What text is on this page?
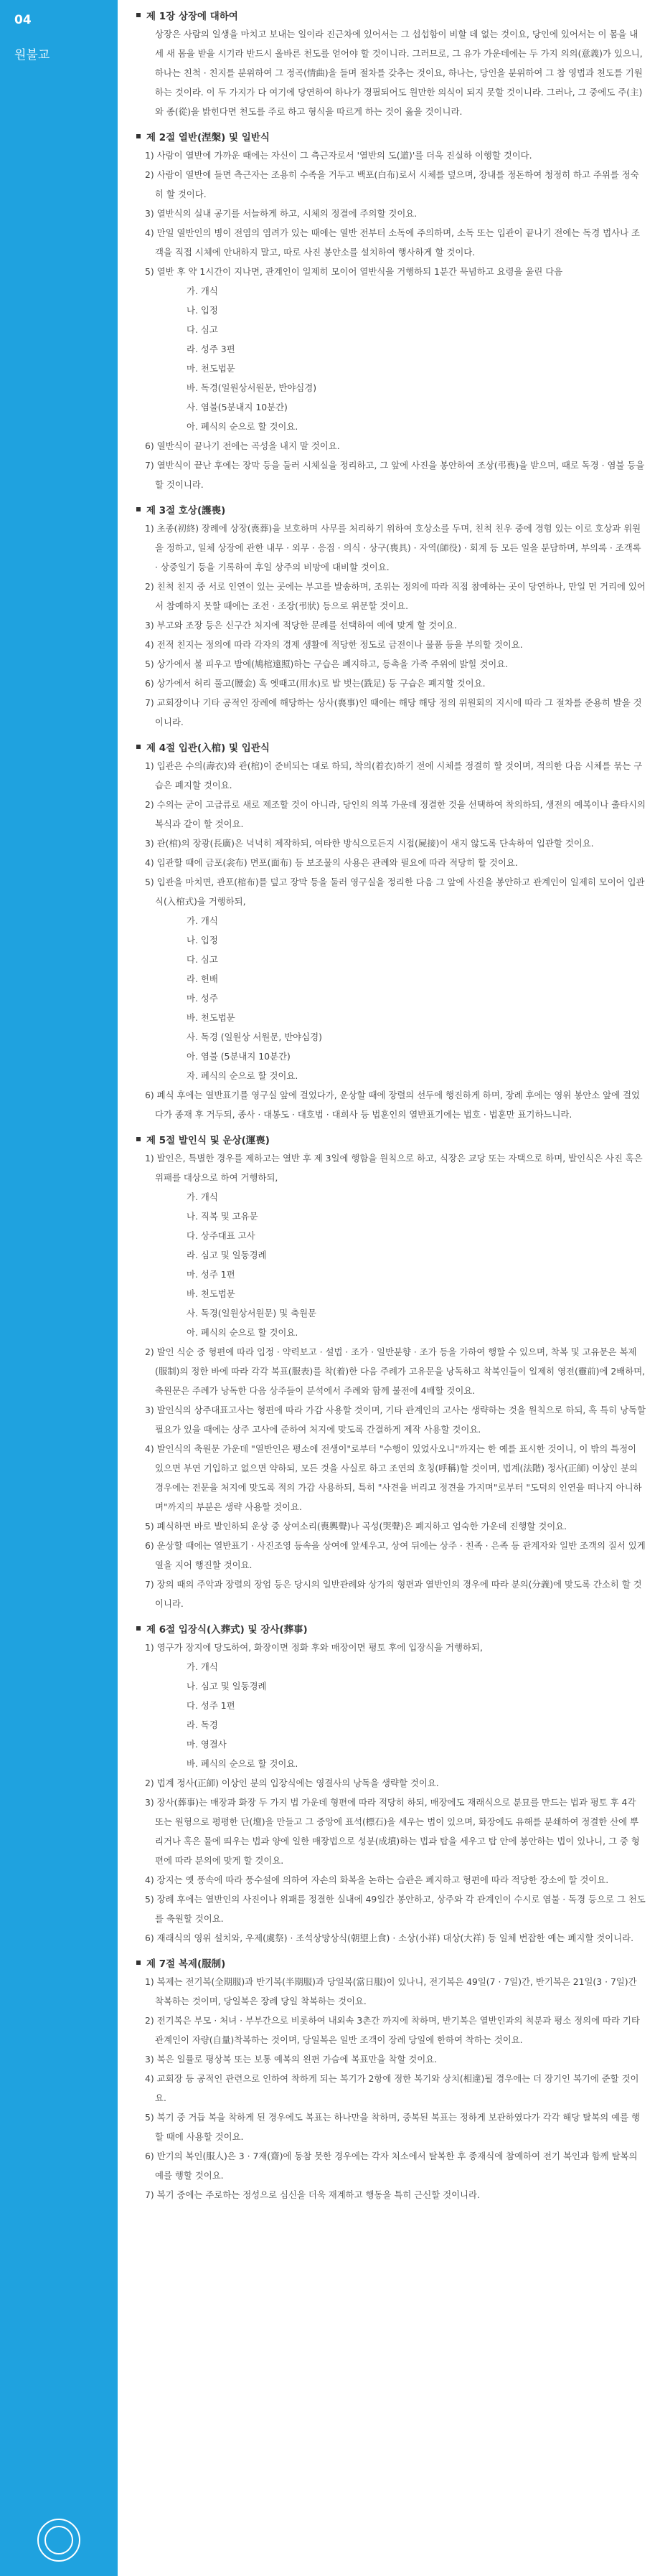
04
원불교
제 1장 상장에 대하여
상장은 사람의 일생을 마치고 보내는 일이라 진근차에 있어서는 그 섭섭함이 비할 데 없는 것이요, 당인에 있어서는 이 몸을 내세 새 몸을 받을 시기라 반드시 올바른 천도를 얻어야 할 것이니라. 그러므로, 그 유가 가운데에는 두 가지 의의(意義)가 있으니, 하나는 친척 · 친지를 분위하여 그 정곡(情曲)을 들며 절차를 갖추는 것이요, 하나는, 당인을 분위하여 그 참 영법과 천도를 기원하는 것이라. 이 두 가지가 다 여기에 당연하여 하나가 경필되어도 원만한 의식이 되지 못할 것이니라. 그러나, 그 중에도 주(主)와 종(從)을 밝힌다면 천도를 주로 하고 형식을 따르게 하는 것이 옳을 것이니라.
제 2절 열반(涅槃) 및 일반식
1) 사람이 열반에 가까운 때에는 자신이 그 측근자로서 '열반의 도(道)'를 더욱 진실하 이행할 것이다.
2) 사람이 열반에 들면 측근자는 조용히 수족을 거두고 백포(白布)로서 시체를 덮으며, 장내를 정돈하여 청정히 하고 주위를 정숙히 할 것이다.
3) 열반식의 실내 공기를 서늘하게 하고, 시체의 정결에 주의할 것이요.
4) 만일 열반인의 병이 전염의 염려가 있는 때에는 열반 전부터 소독에 주의하며, 소독 또는 입관이 끝나기 전에는 독경 법사나 조객을 직접 시체에 안내하지 말고, 따로 사진 봉안소를 설치하여 행사하게 할 것이다.
5) 열반 후 약 1시간이 지나면, 관계인이 일제히 모이어 열반식을 거행하되 1분간 묵념하고 요령을 울린 다음
가. 개식
나. 입정
다. 심고
라. 성주 3편
마. 천도법문
바. 독경(일원상서원문, 반야심경)
사. 염불(5분내지 10분간)
아. 폐식의 순으로 할 것이요.
6) 열반식이 끝나기 전에는 곡성을 내지 말 것이요.
7) 열반식이 끝난 후에는 장막 등을 둘러 시체실을 정리하고, 그 앞에 사진을 봉안하여 조상(弔喪)을 받으며, 때로 독경 · 염불 등을 할 것이니라.
제 3절 호상(護喪)
1) 초종(初終) 장례에 상장(喪葬)을 보호하며 사무를 처리하기 위하여 호상소를 두며, 친척 친우 중에 경험 있는 이로 호상과 위원을 정하고, 일체 상장에 관한 내무 · 외무 · 응접 · 의식 · 상구(喪具) · 자역(師役) · 회계 등 모든 일을 분담하며, 부의록 · 조객록 · 상중일기 등을 기록하여 후일 상주의 비망에 대비할 것이요.
2) 친척 친지 중 서로 인연이 있는 곳에는 부고를 발송하며, 조위는 정의에 따라 직접 참예하는 곳이 당연하나, 만일 먼 거리에 있어서 참예하지 못할 때에는 조전 · 조장(弔狀) 등으로 위문할 것이요.
3) 부고와 조장 등은 신구간 처지에 적당한 문례를 선택하여 예에 맞게 할 것이요.
4) 전적 친지는 정의에 따라 각자의 경제 생활에 적당한 정도로 금전이나 물품 등을 부의할 것이요.
5) 상가에서 불 피우고 밤에(鳩棺遠照)하는 구습은 폐지하고, 등촉을 가족 주위에 밝힐 것이요.
6) 상가에서 허리 풀고(腰金) 혹 옛때고(用水)로 발 벗는(跣足) 등 구습은 폐지할 것이요.
7) 교회장이나 기타 공적인 장례에 해당하는 상사(喪事)인 때에는 해당 해당 정의 위원회의 지시에 따라 그 절차를 준용히 발을 것이니라.
제 4절 입관(入棺) 및 입관식
1) 입관은 수의(壽衣)와 관(棺)이 준비되는 대로 하되, 착의(着衣)하기 전에 시체를 정결히 할 것이며, 적의한 다음 시체를 묶는 구습은 폐지할 것이요.
2) 수의는 굳이 고급류로 새로 제조할 것이 아니라, 당인의 의복 가운데 정결한 것을 선택하여 착의하되, 생전의 예복이나 출타시의 복식과 같이 할 것이요.
3) 관(棺)의 장광(長廣)은 넉넉히 제작하되, 여타한 방식으로든지 시접(屍接)이 새지 않도록 단속하여 입관할 것이요.
4) 입관할 때에 금포(衾布) 면포(面布) 등 보조물의 사용은 관례와 필요에 따라 적당히 할 것이요.
5) 입관을 마치면, 관포(棺布)를 덮고 장막 등을 둘러 영구실을 정리한 다음 그 앞에 사진을 봉안하고 관계인이 일제히 모이어 입관식(入棺式)을 거행하되,
가. 개식
나. 입정
다. 심고
라. 헌배
마. 성주
바. 천도법문
사. 독경 (일원상 서원문, 반야심경)
아. 염불 (5분내지 10분간)
자. 폐식의 순으로 할 것이요.
6) 폐식 후에는 열반표기를 영구실 앞에 걸었다가, 운상할 때에 장렬의 선두에 행진하게 하며, 장례 후에는 영위 봉안소 앞에 걸었다가 종재 후 거두되, 종사 · 대봉도 · 대호법 · 대희사 등 법훈인의 열반표기에는 법호 · 법훈만 표기하느니라.
제 5절 발인식 및 운상(運喪)
1) 발인은, 특별한 경우를 제하고는 열반 후 제 3일에 행함을 원칙으로 하고, 식장은 교당 또는 자택으로 하며, 발인식은 사진 혹은 위패를 대상으로 하여 거행하되,
가. 개식
나. 직복 및 고유문
다. 상주대표 고사
라. 심고 및 일동경례
마. 성주 1편
바. 천도법문
사. 독경(일원상서원문) 및 축원문
아. 폐식의 순으로 할 것이요.
2) 발인 식순 중 형편에 따라 입정 · 약력보고 · 설법 · 조가 · 일반분향 · 조가 등을 가하여 행할 수 있으며, 착복 및 고유문은 복제(服制)의 정한 바에 따라 각각 복표(服表)를 착(着)한 다음 주례가 고유문을 낭독하고 착복인들이 일제히 영전(靈前)에 2배하며, 축원문은 주례가 낭독한 다음 상주들이 분석에서 주례와 함께 불전에 4배할 것이요.
3) 발인식의 상주대표고사는 형편에 따라 가감 사용할 것이며, 기타 관계인의 고사는 생략하는 것을 원칙으로 하되, 혹 특히 낭독할 필요가 있을 때에는 상주 고사에 준하여 처지에 맞도록 간결하게 제작 사용할 것이요.
4) 발인식의 축원문 가운데 "열반인은 평소에 전생이"로부터 "수행이 있었사오니"까지는 한 예를 표시한 것이니, 이 밖의 특정이 있으면 부연 기입하고 없으면 약하되, 모든 것을 사실로 하고 조연의 호칭(呼稱)할 것이며, 법계(法階) 정사(正師) 이상인 분의 경우에는 전문을 처지에 맞도록 적의 가감 사용하되, 특히 "사견을 버리고 정견을 가지며"로부터 "도덕의 인연을 떠나지 아니하며"까지의 부분은 생략 사용할 것이요.
5) 폐식하면 바로 발인하되 운상 중 상여소리(喪輿聲)나 곡성(哭聲)은 폐지하고 엄숙한 가운데 진행할 것이요.
6) 운상할 때에는 열반표기 · 사진조영 등속을 상여에 앞세우고, 상여 뒤에는 상주 · 친족 · 은족 등 관계자와 일반 조객의 질서 있게 열을 지어 행진할 것이요.
7) 장의 때의 주악과 장렬의 장엄 등은 당시의 일반관례와 상가의 형편과 열반인의 경우에 따라 분의(分義)에 맞도록 간소히 할 것이니라.
제 6절 입장식(入葬式) 및 장사(葬事)
1) 영구가 장지에 당도하여, 화장이면 정화 후와 매장이면 평토 후에 입장식을 거행하되,
가. 개식
나. 심고 및 일동경례
다. 성주 1편
라. 독경
마. 영결사
바. 폐식의 순으로 할 것이요.
2) 법계 정사(正師) 이상인 분의 입장식에는 영결사의 낭독을 생략할 것이요.
3) 장사(葬事)는 매장과 화장 두 가지 법 가운데 형편에 따라 적당히 하되, 매장에도 재래식으로 분묘를 만드는 법과 평토 후 4각 또는 원형으로 평평한 단(壇)을 만들고 그 중앙에 표석(標石)을 세우는 법이 있으며, 화장에도 유해를 분쇄하여 정결한 산에 뿌리거나 혹은 물에 띄우는 법과 양에 일한 매장법으로 성분(成墳)하는 법과 탑을 세우고 탑 안에 봉안하는 법이 있나니, 그 중 형편에 따라 분의에 맞게 할 것이요.
4) 장지는 옛 풍속에 따라 풍수설에 의하여 자손의 화복을 논하는 습관은 폐지하고 형편에 따라 적당한 장소에 할 것이요.
5) 장례 후에는 열반인의 사진이나 위패를 정결한 실내에 49일간 봉안하고, 상주와 각 관계인이 수시로 염불 · 독경 등으로 그 천도를 축원할 것이요.
6) 재래식의 영위 설치와, 우제(虞祭) · 조석상망상식(朝望上食) · 소상(小祥) 대상(大祥) 등 일체 번잡한 예는 폐지할 것이니라.
제 7절 복제(服制)
1) 복제는 전기복(全期服)과 반기복(半期服)과 당일복(當日服)이 있나니, 전기복은 49일(7 · 7일)간, 반기복은 21일(3 · 7일)간 착복하는 것이며, 당일복은 장례 당일 착복하는 것이요.
2) 전기복은 부모 · 처녀 · 부부간으로 비롯하여 내외속 3촌간 까지에 착하며, 반기복은 열반인과의 척분과 평소 정의에 따라 기타 관계인이 자량(自量)착복하는 것이며, 당일복은 일반 조객이 장례 당일에 한하여 착하는 것이요.
3) 복은 일률로 평상복 또는 보통 예복의 왼편 가슴에 복표만을 착할 것이요.
4) 교회장 등 공적인 관련으로 인하여 착하게 되는 복기가 2항에 정한 복기와 상치(相違)될 경우에는 더 장기인 복기에 준할 것이요.
5) 복기 중 거듭 복을 착하게 된 경우에도 복표는 하나만을 착하며, 중복된 복표는 정하게 보관하였다가 각각 해당 탈복의 예를 행할 때에 사용할 것이요.
6) 반기의 복인(服人)은 3 · 7재(齋)에 동참 못한 경우에는 각자 처소에서 탈복한 후 종재식에 참예하여 전기 복인과 함께 탈복의 예를 행할 것이요.
7) 복기 중에는 주로하는 정성으로 심신을 더욱 재계하고 행동을 특히 근신할 것이니라.
